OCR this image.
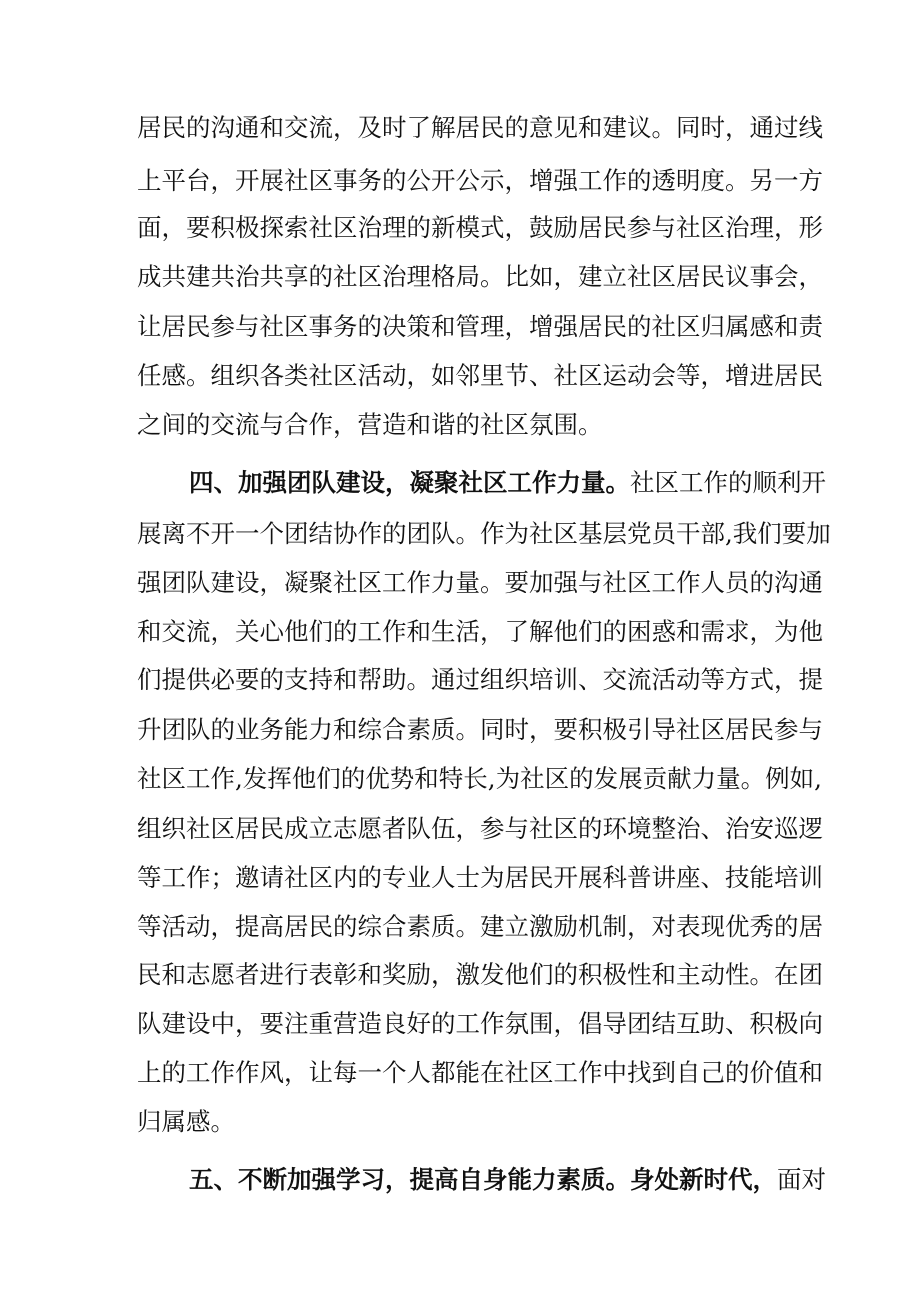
居民的沟通和交流，及时了解居民的意见和建议。同时，通过线
上平台，开展社区事务的公开公示，增强工作的透明度。另一方
面，要积极探索社区治理的新模式，鼓励居民参与社区治理，形
成共建共治共享的社区治理格局。比如，建立社区居民议事会，
让居民参与社区事务的决策和管理，增强居民的社区归属感和责
任感。组织各类社区活动，如邻里节、社区运动会等，增进居民
之间的交流与合作，营造和谐的社区氛围。
四、加强团队建设，凝聚社区工作力量。社区工作的顺利开
展离不开一个团结协作的团队。作为社区基层党员干部,我们要加
强团队建设，凝聚社区工作力量。要加强与社区工作人员的沟通
和交流，关心他们的工作和生活，了解他们的困惑和需求，为他
们提供必要的支持和帮助。通过组织培训、交流活动等方式，提
升团队的业务能力和综合素质。同时，要积极引导社区居民参与
社区工作,发挥他们的优势和特长,为社区的发展贡献力量。例如,
组织社区居民成立志愿者队伍，参与社区的环境整治、治安巡逻
等工作；邀请社区内的专业人士为居民开展科普讲座、技能培训
等活动，提高居民的综合素质。建立激励机制，对表现优秀的居
民和志愿者进行表彰和奖励，激发他们的积极性和主动性。在团
队建设中，要注重营造良好的工作氛围，倡导团结互助、积极向
上的工作作风，让每一个人都能在社区工作中找到自己的价值和
归属感。
五、不断加强学习，提高自身能力素质。身处新时代，面对
